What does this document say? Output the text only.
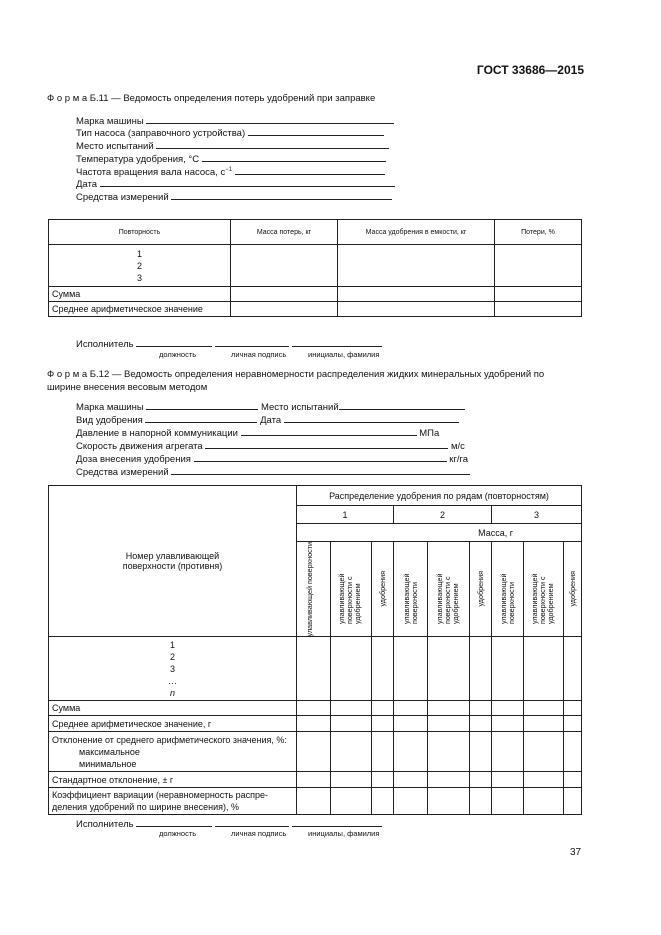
ГОСТ 33686—2015
Ф о р м а Б.11 — Ведомость определения потерь удобрений при заправке
Марка машины
Тип насоса (заправочного устройства)
Место испытаний
Температура удобрения, °С
Частота вращения вала насоса, $с^{-1}$
Дата
Средства измерений
Повторность	Масса потерь, кг	Масса удобрения в емкости, кг	Потери, %

1
2
3			

Сумма			
Среднее арифметическое значение			
Исполнитель
должность	личная подпись	инициалы, фамилия
Ф о р м а Б.12 — Ведомость определения неравномерности распределения жидких минеральных удобрений по
ширине внесения весовым методом
Марка машины	Место испытаний
Вид удобрения	Дата
Давление в напорной коммуникации	МПа
Скорость движения агрегата	м/с
Доза внесения удобрения	кг/га
Средства измерений
Номер улавливающей поверхности (противня)	Распределение удобрения по рядам (повторностям)								
	1			2			3		
	Масса, г								

	улавливающей поверхности	улавливающей поверхности с удобрением	удобрения	улавливающей поверхности	улавливающей поверхности с удобрением	удобрения	улавливающей поверхности	улавливающей поверхности с удобрением	удобрения

1
2
3
…
n									

Сумма									
Среднее арифметическое значение, г									

Отклонение от среднего арифметического значения, %:
максимальное
минимальное									

Стандартное отклонение, ± г									

Коэффициент вариации (неравномерность распре-
деления удобрений по ширине внесения), %									

Исполнитель
должность	личная подпись	инициалы, фамилия
37
